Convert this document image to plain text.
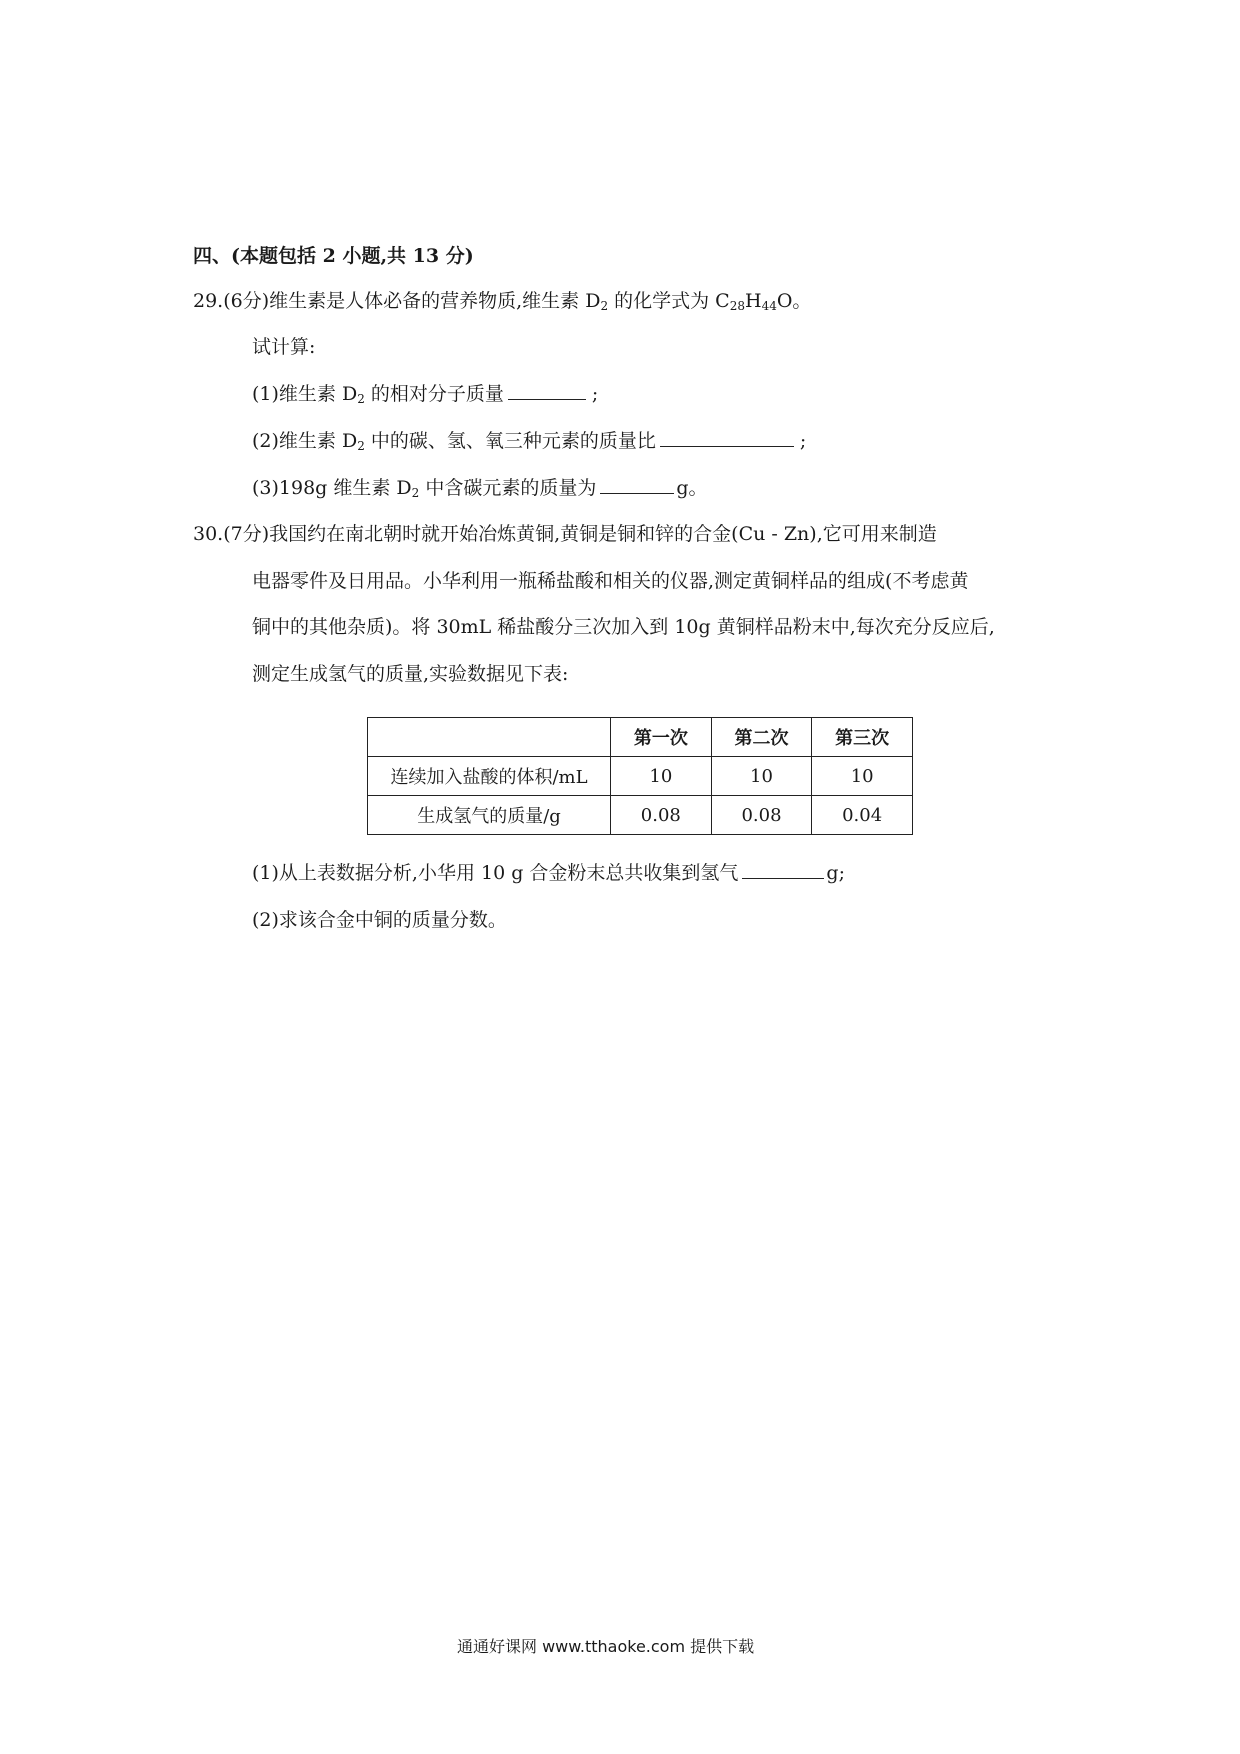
四、(本题包括 2 小题,共 13 分)
29.(6分)维生素是人体必备的营养物质,维生素 $D_2$ 的化学式为 $C_{28}H_{44}O$。
试计算:
(1)维生素 $D_2$ 的相对分子质量	;
(2)维生素 $D_2$ 中的碳、氢、氧三种元素的质量比	;
(3)198g 维生素 $D_2$ 中含碳元素的质量为	g。
30.(7分)我国约在南北朝时就开始冶炼黄铜,黄铜是铜和锌的合金(Cu - Zn),它可用来制造
电器零件及日用品。小华利用一瓶稀盐酸和相关的仪器,测定黄铜样品的组成(不考虑黄
铜中的其他杂质)。将 30mL 稀盐酸分三次加入到 10g 黄铜样品粉末中,每次充分反应后,
测定生成氢气的质量,实验数据见下表:
	第一次	第二次	第三次
连续加入盐酸的体积/mL	10	10	10
生成氢气的质量/g	0.08	0.08	0.04
(1)从上表数据分析,小华用 10 g 合金粉末总共收集到氢气	g;
(2)求该合金中铜的质量分数。
通通好课网 www.tthaoke.com 提供下载
